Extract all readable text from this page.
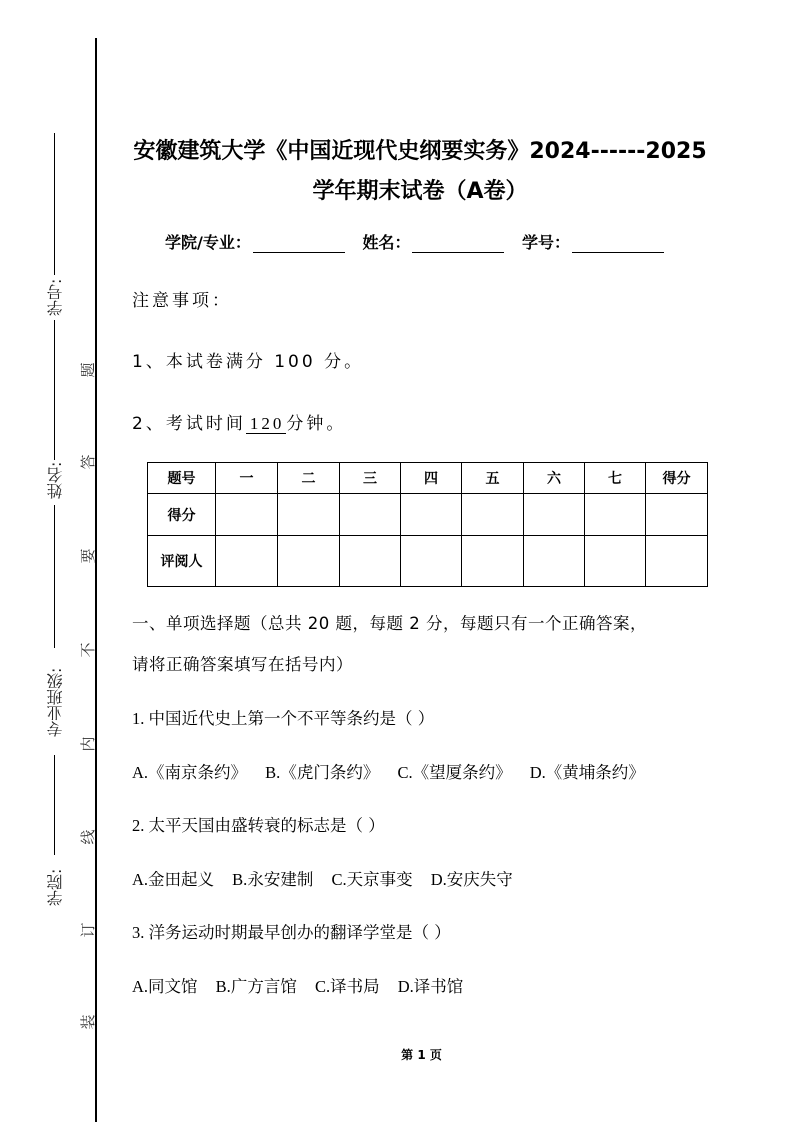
学号:
姓名:
专业班级:
学院:
题
答
要
不
内
线
订
装
安徽建筑大学《中国近现代史纲要实务》2024------2025
学年期末试卷（A卷）
学院/专业：	姓名：	学号：
注意事项：
1、本试卷满分 100 分。
2、考试时间 120 分钟。
题号	一	二	三	四	五	六	七	得分
得分								
评阅人								
一、单项选择题（总共 20 题，每题 2 分，每题只有一个正确答案，
请将正确答案填写在括号内）
1. 中国近代史上第一个不平等条约是（ ）
A.《南京条约》 B.《虎门条约》 C.《望厦条约》 D.《黄埔条约》
2. 太平天国由盛转衰的标志是（ ）
A.金田起义 B.永安建制 C.天京事变 D.安庆失守
3. 洋务运动时期最早创办的翻译学堂是（ ）
A.同文馆 B.广方言馆 C.译书局 D.译书馆
第 1 页
